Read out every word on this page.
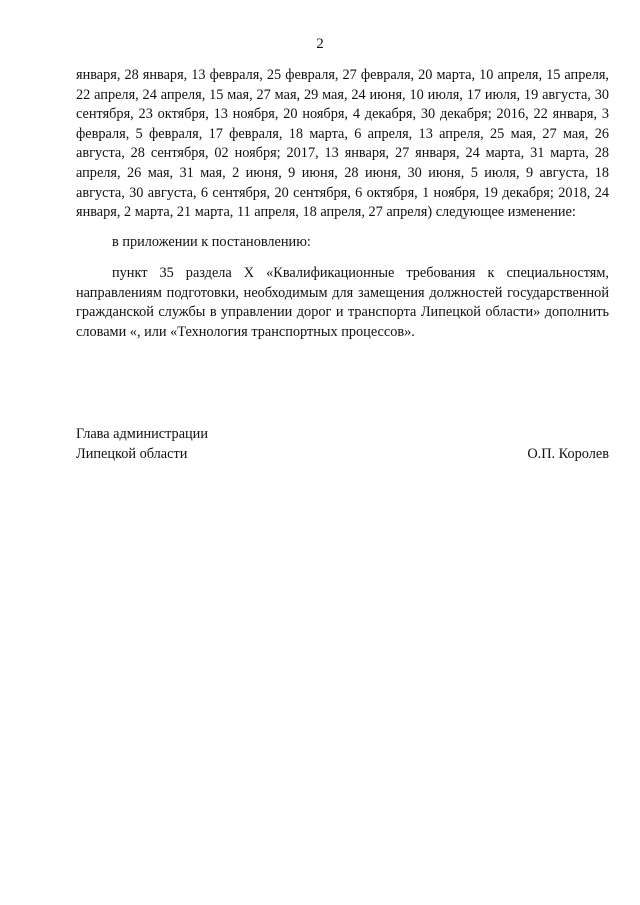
2

января, 28 января, 13 февраля, 25 февраля, 27 февраля, 20 марта, 10 апреля, 15 апреля, 22 апреля, 24 апреля, 15 мая, 27 мая, 29 мая, 24 июня, 10 июля, 17 июля, 19 августа, 30 сентября, 23 октября, 13 ноября, 20 ноября, 4 декабря, 30 декабря; 2016, 22 января, 3 февраля, 5 февраля, 17 февраля, 18 марта, 6 апреля, 13 апреля, 25 мая, 27 мая, 26 августа, 28 сентября, 02 ноября; 2017, 13 января, 27 января, 24 марта, 31 марта, 28 апреля, 26 мая, 31 мая, 2 июня, 9 июня, 28 июня, 30 июня, 5 июля, 9 августа, 18 августа, 30 августа, 6 сентября, 20 сентября, 6 октября, 1 ноября, 19 декабря; 2018, 24 января, 2 марта, 21 марта, 11 апреля, 18 апреля, 27 апреля) следующее изменение:

в приложении к постановлению:

пункт 35 раздела X «Квалификационные требования к специальностям, направлениям подготовки, необходимым для замещения должностей государственной гражданской службы в управлении дорог и транспорта Липецкой области» дополнить словами «, или «Технология транспортных процессов».

Глава администрации
Липецкой области	О.П. Королев
